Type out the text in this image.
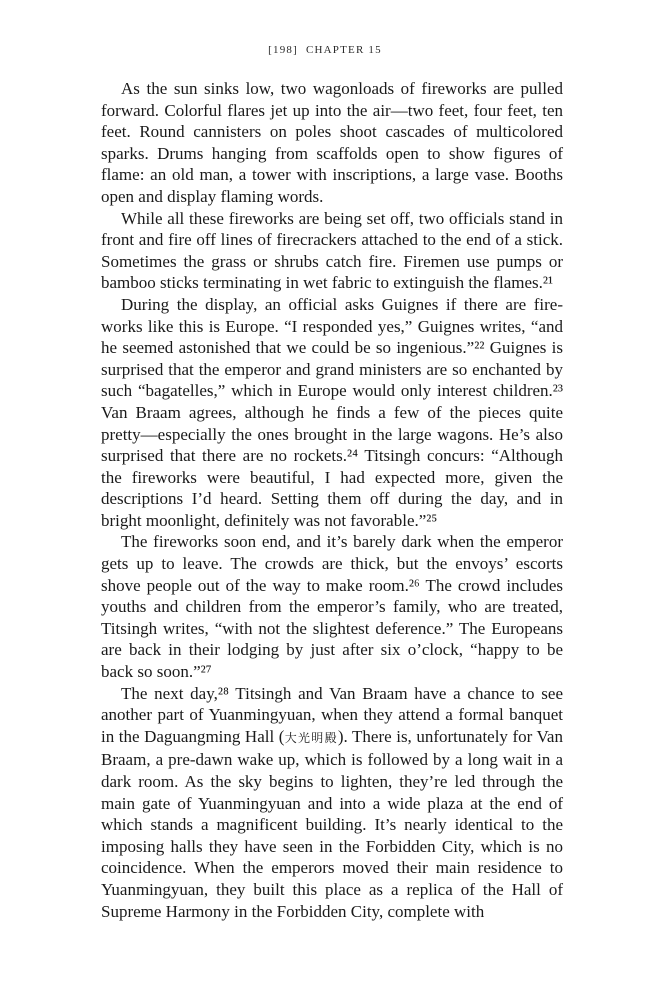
[198] CHAPTER 15

As the sun sinks low, two wagonloads of fireworks are pulled forward. Colorful flares jet up into the air—two feet, four feet, ten feet. Round cannisters on poles shoot cascades of multicolored sparks. Drums hanging from scaffolds open to show figures of flame: an old man, a tower with inscriptions, a large vase. Booths open and display flaming words.

While all these fireworks are being set off, two officials stand in front and fire off lines of firecrackers attached to the end of a stick. Sometimes the grass or shrubs catch fire. Firemen use pumps or bamboo sticks terminating in wet fabric to extinguish the flames.²¹

During the display, an official asks Guignes if there are fireworks like this is Europe. “I responded yes,” Guignes writes, “and he seemed astonished that we could be so ingenious.”²² Guignes is surprised that the emperor and grand ministers are so enchanted by such “bagatelles,” which in Europe would only interest children.²³ Van Braam agrees, although he finds a few of the pieces quite pretty—especially the ones brought in the large wagons. He’s also surprised that there are no rockets.²⁴ Titsingh concurs: “Although the fireworks were beautiful, I had expected more, given the descriptions I’d heard. Setting them off during the day, and in bright moonlight, definitely was not favorable.”²⁵

The fireworks soon end, and it’s barely dark when the emperor gets up to leave. The crowds are thick, but the envoys’ escorts shove people out of the way to make room.²⁶ The crowd includes youths and children from the emperor’s family, who are treated, Titsingh writes, “with not the slightest deference.” The Europeans are back in their lodging by just after six o’clock, “happy to be back so soon.”²⁷

The next day,²⁸ Titsingh and Van Braam have a chance to see another part of Yuanmingyuan, when they attend a formal banquet in the Daguangming Hall (大光明殿). There is, unfortunately for Van Braam, a pre-dawn wake up, which is followed by a long wait in a dark room. As the sky begins to lighten, they’re led through the main gate of Yuanmingyuan and into a wide plaza at the end of which stands a magnificent building. It’s nearly identical to the imposing halls they have seen in the Forbidden City, which is no coincidence. When the emperors moved their main residence to Yuanmingyuan, they built this place as a replica of the Hall of Supreme Harmony in the Forbidden City, complete with
